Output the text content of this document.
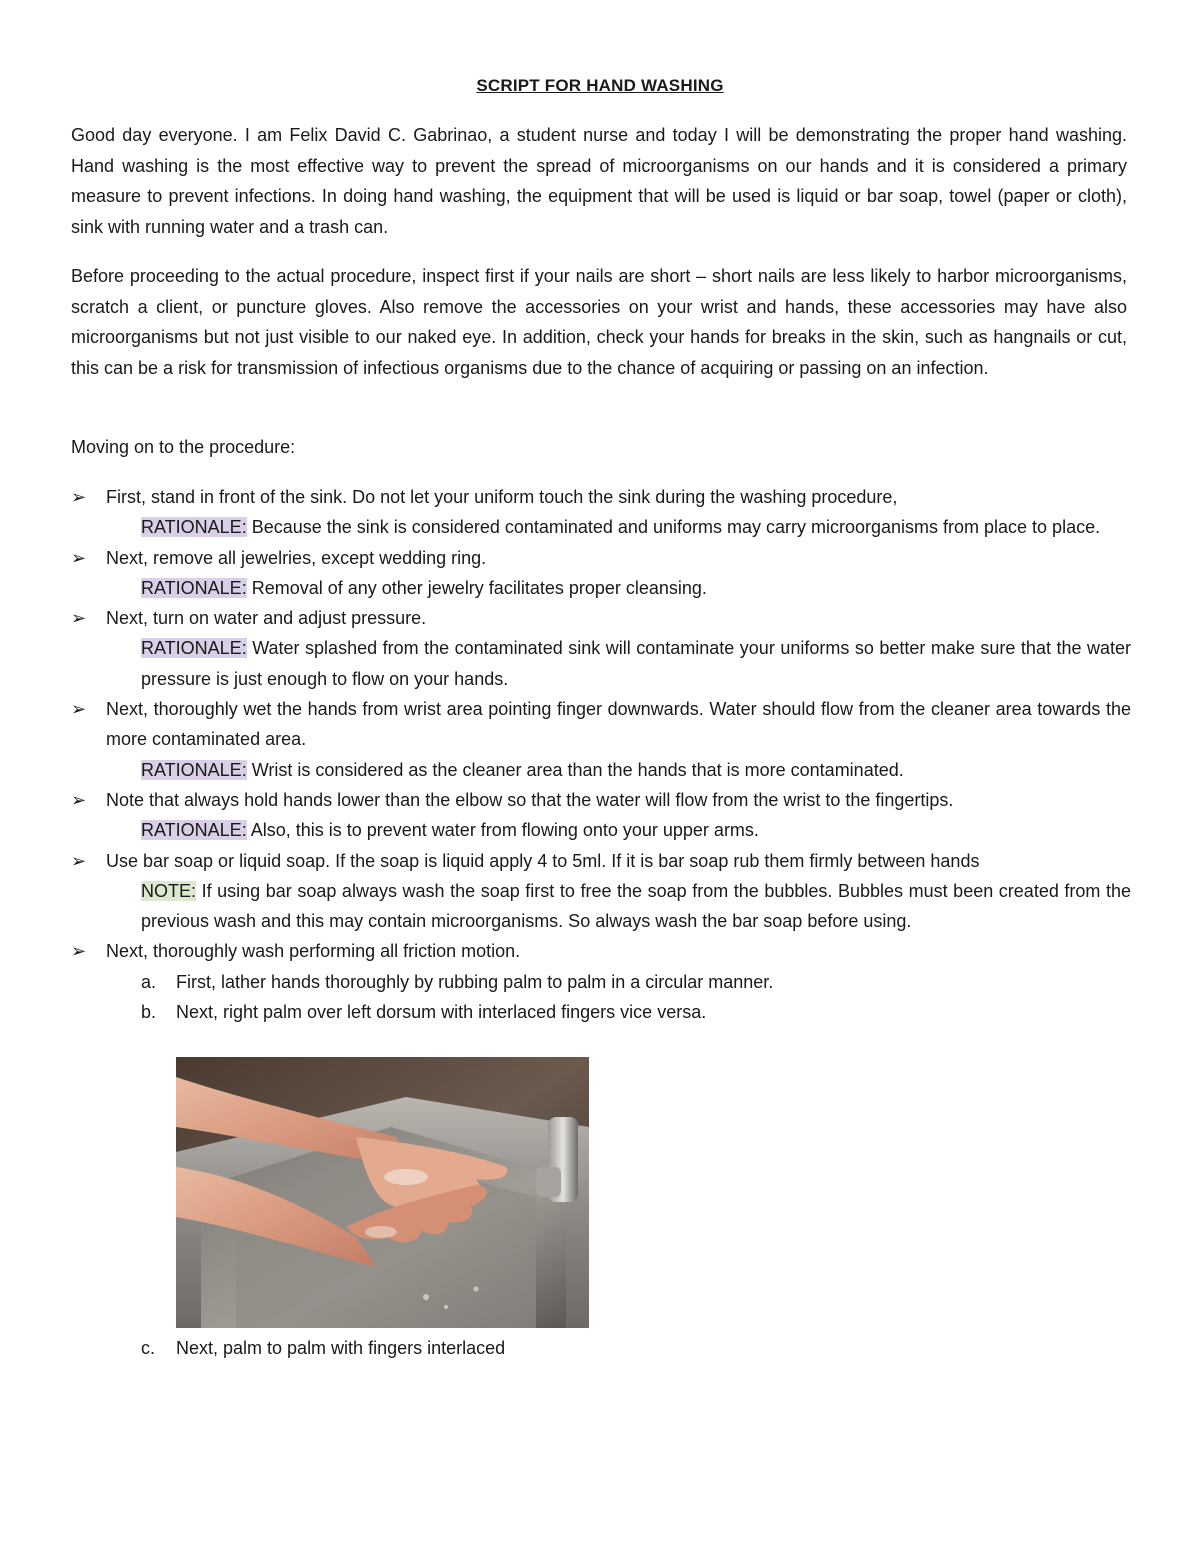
SCRIPT FOR HAND WASHING

Good day everyone. I am Felix David C. Gabrinao, a student nurse and today I will be demonstrating the proper hand washing. Hand washing is the most effective way to prevent the spread of microorganisms on our hands and it is considered a primary measure to prevent infections. In doing hand washing, the equipment that will be used is liquid or bar soap, towel (paper or cloth), sink with running water and a trash can.

Before proceeding to the actual procedure, inspect first if your nails are short – short nails are less likely to harbor microorganisms, scratch a client, or puncture gloves. Also remove the accessories on your wrist and hands, these accessories may have also microorganisms but not just visible to our naked eye. In addition, check your hands for breaks in the skin, such as hangnails or cut, this can be a risk for transmission of infectious organisms due to the chance of acquiring or passing on an infection.

Moving on to the procedure:

➢ First, stand in front of the sink. Do not let your uniform touch the sink during the washing procedure,
RATIONALE: Because the sink is considered contaminated and uniforms may carry microorganisms from place to place.
➢ Next, remove all jewelries, except wedding ring.
RATIONALE: Removal of any other jewelry facilitates proper cleansing.
➢ Next, turn on water and adjust pressure.
RATIONALE: Water splashed from the contaminated sink will contaminate your uniforms so better make sure that the water pressure is just enough to flow on your hands.
➢ Next, thoroughly wet the hands from wrist area pointing finger downwards. Water should flow from the cleaner area towards the more contaminated area.
RATIONALE: Wrist is considered as the cleaner area than the hands that is more contaminated.
➢ Note that always hold hands lower than the elbow so that the water will flow from the wrist to the fingertips.
RATIONALE: Also, this is to prevent water from flowing onto your upper arms.
➢ Use bar soap or liquid soap. If the soap is liquid apply 4 to 5ml. If it is bar soap rub them firmly between hands
NOTE: If using bar soap always wash the soap first to free the soap from the bubbles. Bubbles must been created from the previous wash and this may contain microorganisms. So always wash the bar soap before using.
➢ Next, thoroughly wash performing all friction motion.
a. First, lather hands thoroughly by rubbing palm to palm in a circular manner.
b. Next, right palm over left dorsum with interlaced fingers vice versa.
c. Next, palm to palm with fingers interlaced
